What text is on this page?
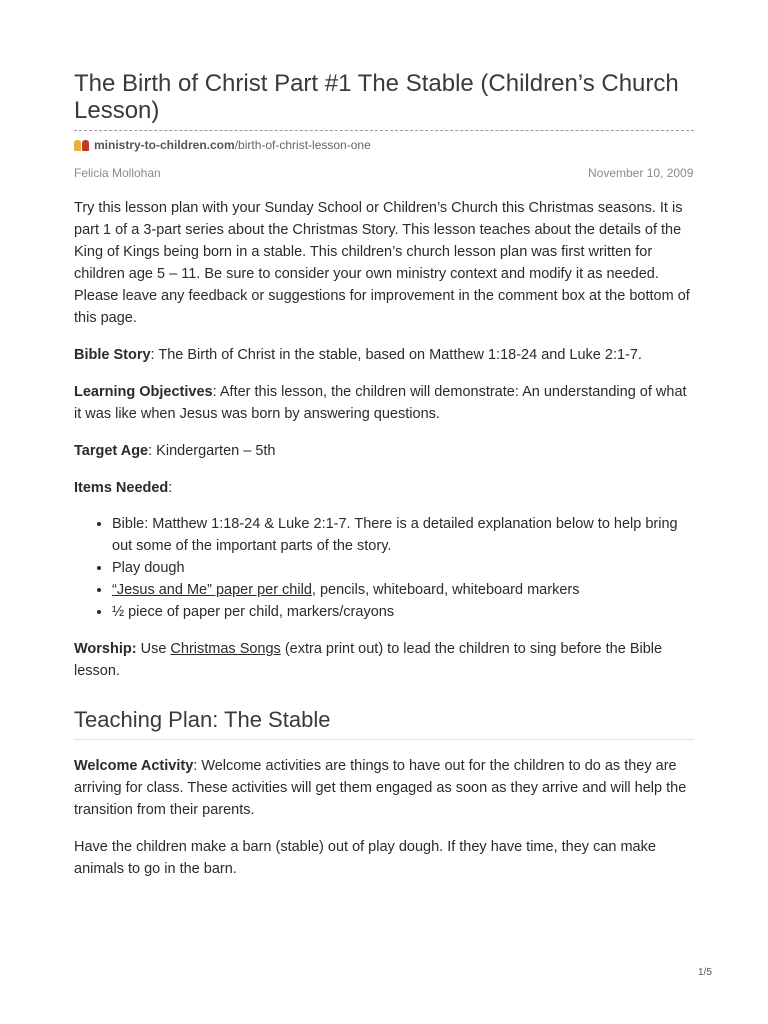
The Birth of Christ Part #1 The Stable (Children’s Church Lesson)
ministry-to-children.com /birth-of-christ-lesson-one
Felicia Mollohan	November 10, 2009

Try this lesson plan with your Sunday School or Children’s Church this Christmas seasons. It is part 1 of a 3-part series about the Christmas Story. This lesson teaches about the details of the King of Kings being born in a stable. This children’s church lesson plan was first written for children age 5 – 11. Be sure to consider your own ministry context and modify it as needed. Please leave any feedback or suggestions for improvement in the comment box at the bottom of this page.

Bible Story: The Birth of Christ in the stable, based on Matthew 1:18-24 and Luke 2:1-7.

Learning Objectives: After this lesson, the children will demonstrate: An understanding of what it was like when Jesus was born by answering questions.

Target Age: Kindergarten – 5th

Items Needed:

• Bible: Matthew 1:18-24 & Luke 2:1-7. There is a detailed explanation below to help bring out some of the important parts of the story.
• Play dough
• “Jesus and Me” paper per child, pencils, whiteboard, whiteboard markers
• ½ piece of paper per child, markers/crayons

Worship: Use Christmas Songs (extra print out) to lead the children to sing before the Bible lesson.

Teaching Plan: The Stable

Welcome Activity: Welcome activities are things to have out for the children to do as they are arriving for class. These activities will get them engaged as soon as they arrive and will help the transition from their parents.

Have the children make a barn (stable) out of play dough. If they have time, they can make animals to go in the barn.

1/5
